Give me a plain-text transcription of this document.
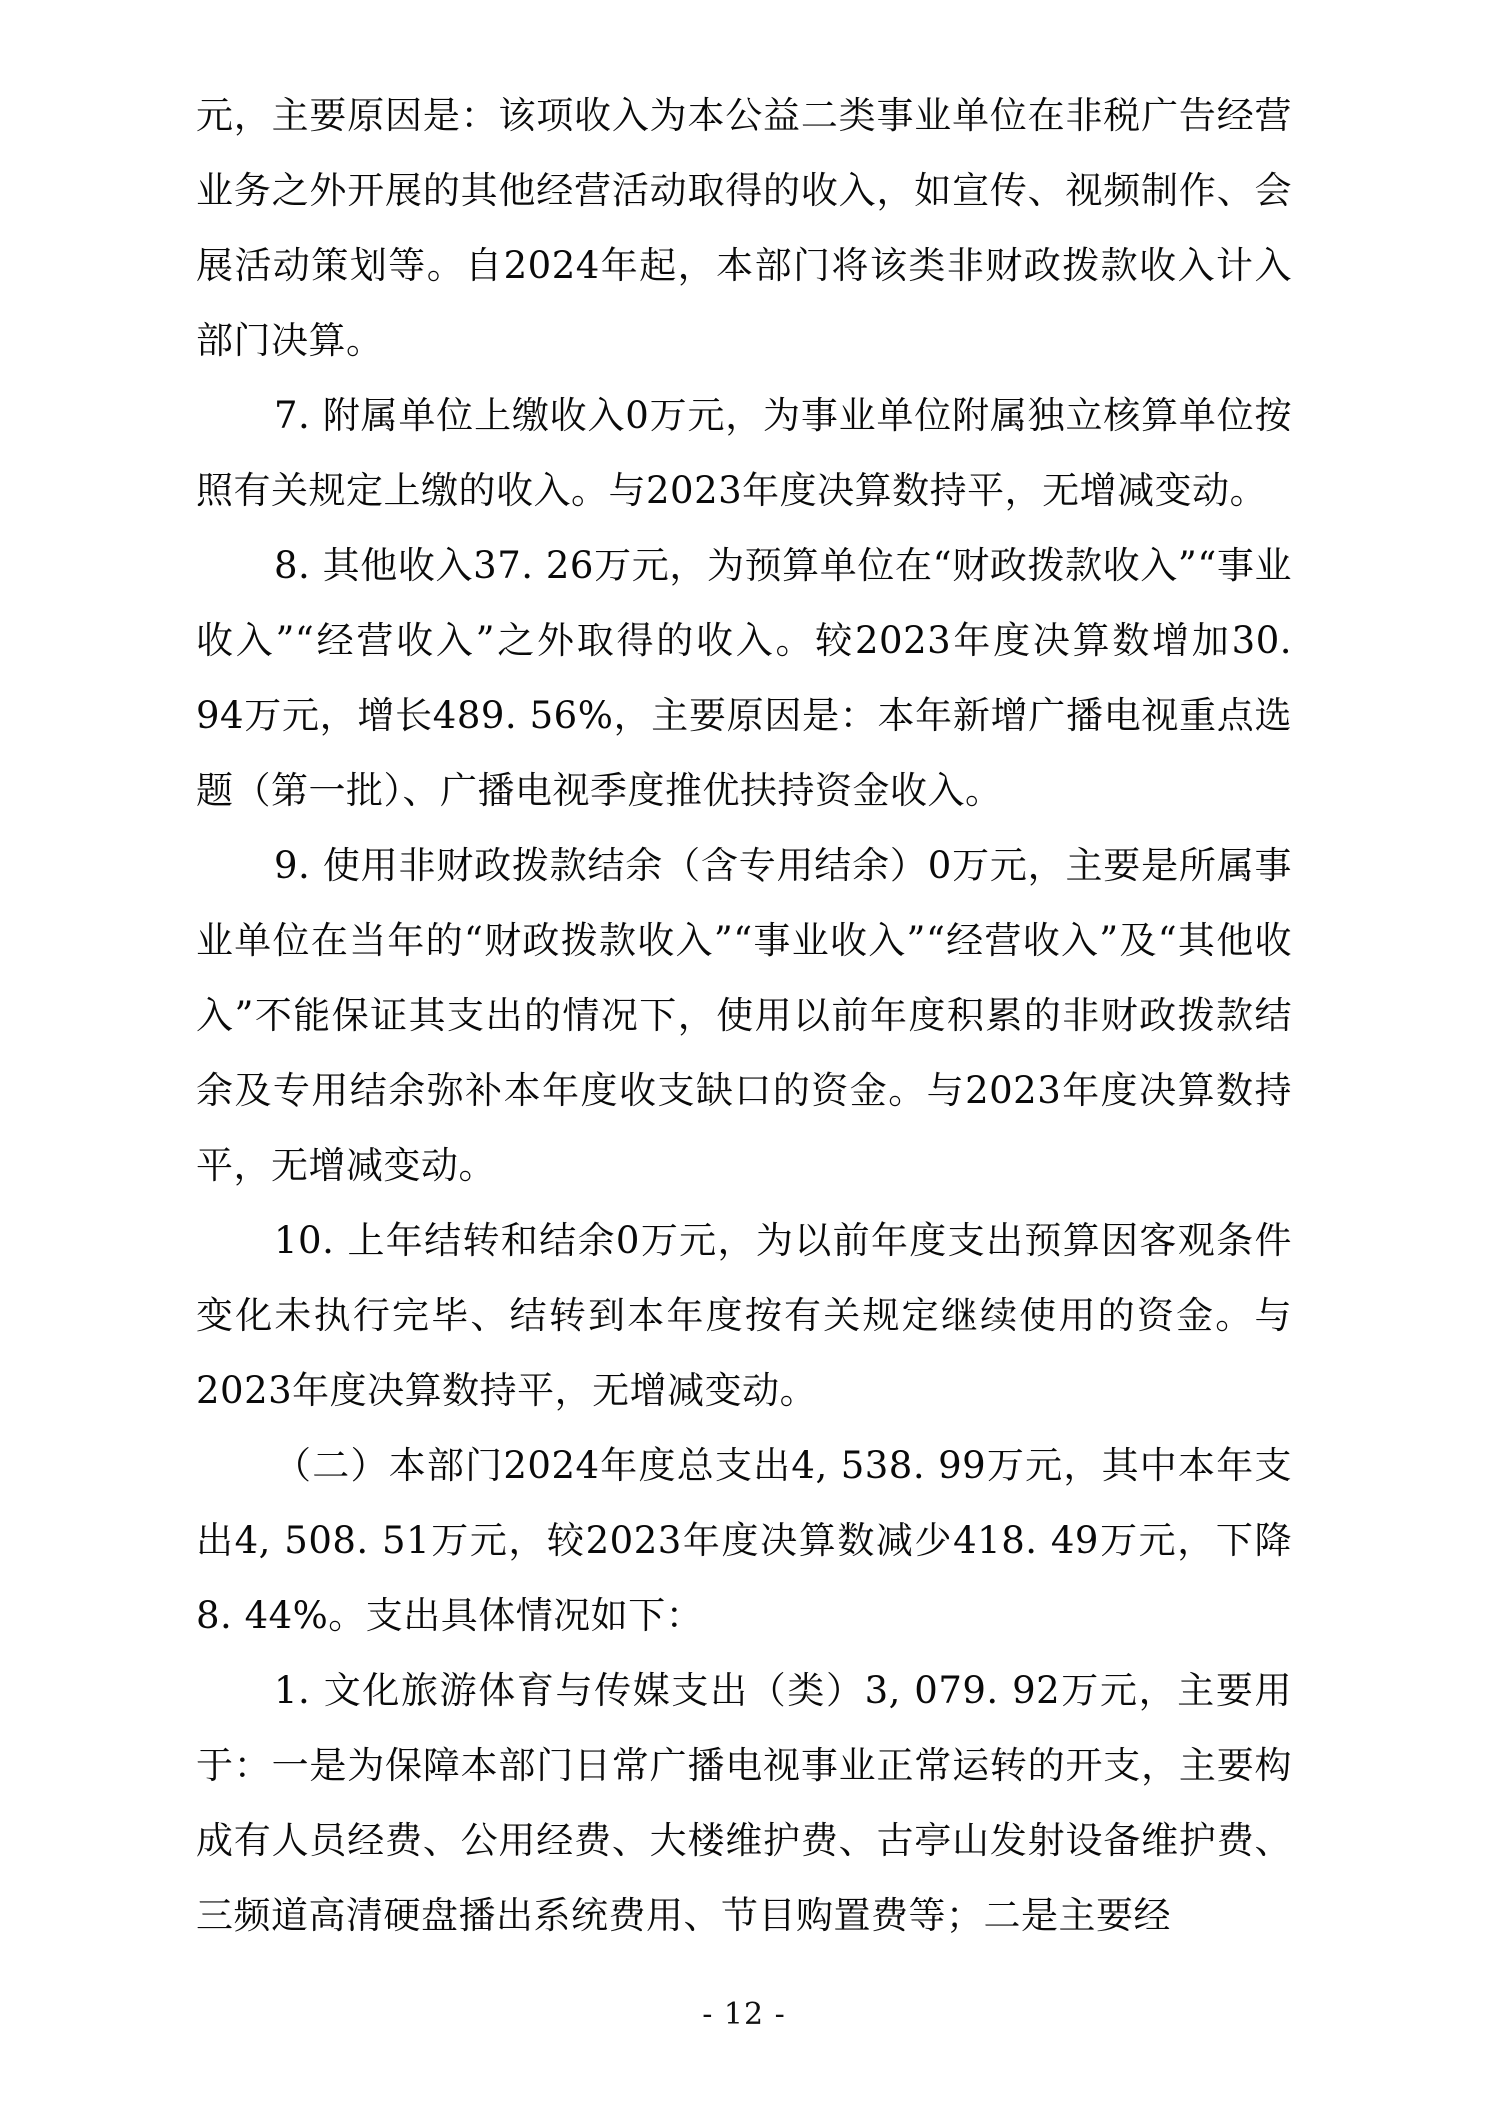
元，主要原因是：该项收入为本公益二类事业单位在非税广告经营业务之外开展的其他经营活动取得的收入，如宣传、视频制作、会展活动策划等。自2024年起，本部门将该类非财政拨款收入计入部门决算。

7. 附属单位上缴收入0万元，为事业单位附属独立核算单位按照有关规定上缴的收入。与2023年度决算数持平，无增减变动。

8. 其他收入37. 26万元，为预算单位在“财政拨款收入”“事业收入”“经营收入”之外取得的收入。较2023年度决算数增加30. 94万元，增长489. 56%，主要原因是：本年新增广播电视重点选题（第一批）、广播电视季度推优扶持资金收入。

9. 使用非财政拨款结余（含专用结余）0万元，主要是所属事业单位在当年的“财政拨款收入”“事业收入”“经营收入”及“其他收入”不能保证其支出的情况下，使用以前年度积累的非财政拨款结余及专用结余弥补本年度收支缺口的资金。与2023年度决算数持平，无增减变动。

10. 上年结转和结余0万元，为以前年度支出预算因客观条件变化未执行完毕、结转到本年度按有关规定继续使用的资金。与2023年度决算数持平，无增减变动。

（二）本部门2024年度总支出4, 538. 99万元，其中本年支出4, 508. 51万元，较2023年度决算数减少418. 49万元，下降8. 44%。支出具体情况如下：

1. 文化旅游体育与传媒支出（类）3, 079. 92万元，主要用于：一是为保障本部门日常广播电视事业正常运转的开支，主要构成有人员经费、公用经费、大楼维护费、古亭山发射设备维护费、三频道高清硬盘播出系统费用、节目购置费等；二是主要经

- 12 -
